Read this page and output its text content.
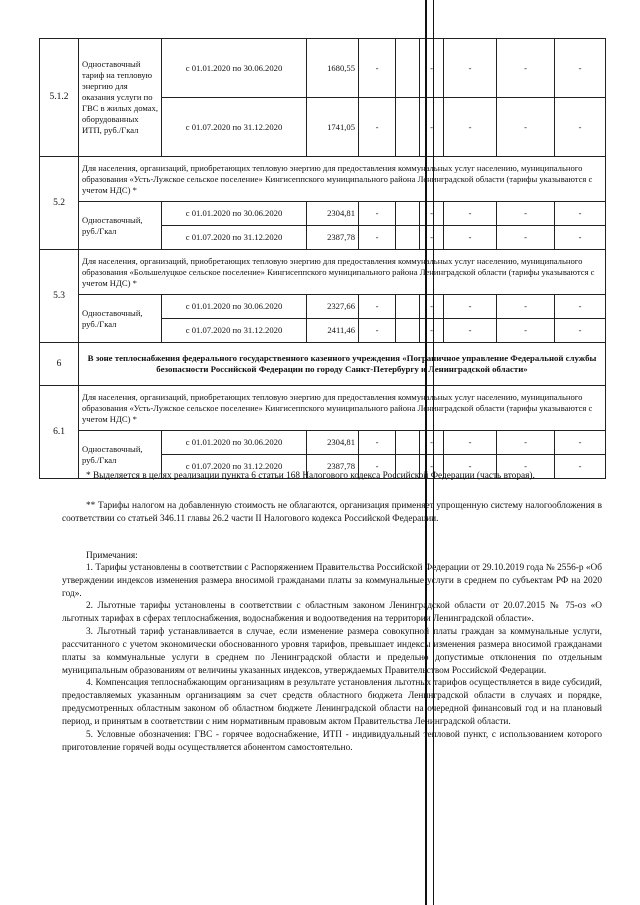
5.1.2	Одноставочный тариф на тепловую энергию для оказания услуги по ГВС в жилых домах, оборудованных ИТП, руб./Гкал	с 01.01.2020 по 30.06.2020	1680,55	-		-	-	-	-
		с 01.07.2020 по 31.12.2020	1741,05	-		-	-	-	-
5.2	Для населения, организаций, приобретающих тепловую энергию для предоставления коммунальных услуг населению, муниципального образования «Усть-Лужское сельское поселение» Кингисеппского муниципального района Ленинградской области (тарифы указываются с учетом НДС) *								
	Одноставочный, руб./Гкал	с 01.01.2020 по 30.06.2020	2304,81	-		-	-	-	-
		с 01.07.2020 по 31.12.2020	2387,78	-		-	-	-	-
5.3	Для населения, организаций, приобретающих тепловую энергию для предоставления коммунальных услуг населению, муниципального образования «Большелуцкое сельское поселение» Кингисеппского муниципального района Ленинградской области (тарифы указываются с учетом НДС) *								
	Одноставочный, руб./Гкал	с 01.01.2020 по 30.06.2020	2327,66	-		-	-	-	-
		с 01.07.2020 по 31.12.2020	2411,46	-		-	-	-	-
6	В зоне теплоснабжения федерального государственного казенного учреждения «Пограничное управление Федеральной службы безопасности Российской Федерации по городу Санкт-Петербургу и Ленинградской области»								
6.1	Для населения, организаций, приобретающих тепловую энергию для предоставления коммунальных услуг населению, муниципального образования «Усть-Лужское сельское поселение» Кингисеппского муниципального района Ленинградской области (тарифы указываются с учетом НДС) *								
	Одноставочный, руб./Гкал	с 01.01.2020 по 30.06.2020	2304,81	-		-	-	-	-
		с 01.07.2020 по 31.12.2020	2387,78	-		-	-	-	-

* Выделяется в целях реализации пункта 6 статьи 168 Налогового кодекса Российской Федерации (часть вторая).

** Тарифы налогом на добавленную стоимость не облагаются, организация применяет упрощенную систему налогообложения в соответствии со статьей 346.11 главы 26.2 части II Налогового кодекса Российской Федерации.

Примечания:

1. Тарифы установлены в соответствии с Распоряжением Правительства Российской Федерации от 29.10.2019 года № 2556-р «Об утверждении индексов изменения размера вносимой гражданами платы за коммунальные услуги в среднем по субъектам РФ на 2020 год».

2. Льготные тарифы установлены в соответствии с областным законом Ленинградской области от 20.07.2015 № 75-оз «О льготных тарифах в сферах теплоснабжения, водоснабжения и водоотведения на территории Ленинградской области».

3. Льготный тариф устанавливается в случае, если изменение размера совокупной платы граждан за коммунальные услуги, рассчитанного с учетом экономически обоснованного уровня тарифов, превышает индексы изменения размера вносимой гражданами платы за коммунальные услуги в среднем по Ленинградской области и предельно допустимые отклонения по отдельным муниципальным образованиям от величины указанных индексов, утверждаемых Правительством Российской Федерации.

4. Компенсация теплоснабжающим организациям в результате установления льготных тарифов осуществляется в виде субсидий, предоставляемых указанным организациям за счет средств областного бюджета Ленинградской области в случаях и порядке, предусмотренных областным законом об областном бюджете Ленинградской области на очередной финансовый год и на плановый период, и принятым в соответствии с ним нормативным правовым актом Правительства Ленинградской области.

5. Условные обозначения: ГВС - горячее водоснабжение, ИТП - индивидуальный тепловой пункт, с использованием которого приготовление горячей воды осуществляется абонентом самостоятельно.
